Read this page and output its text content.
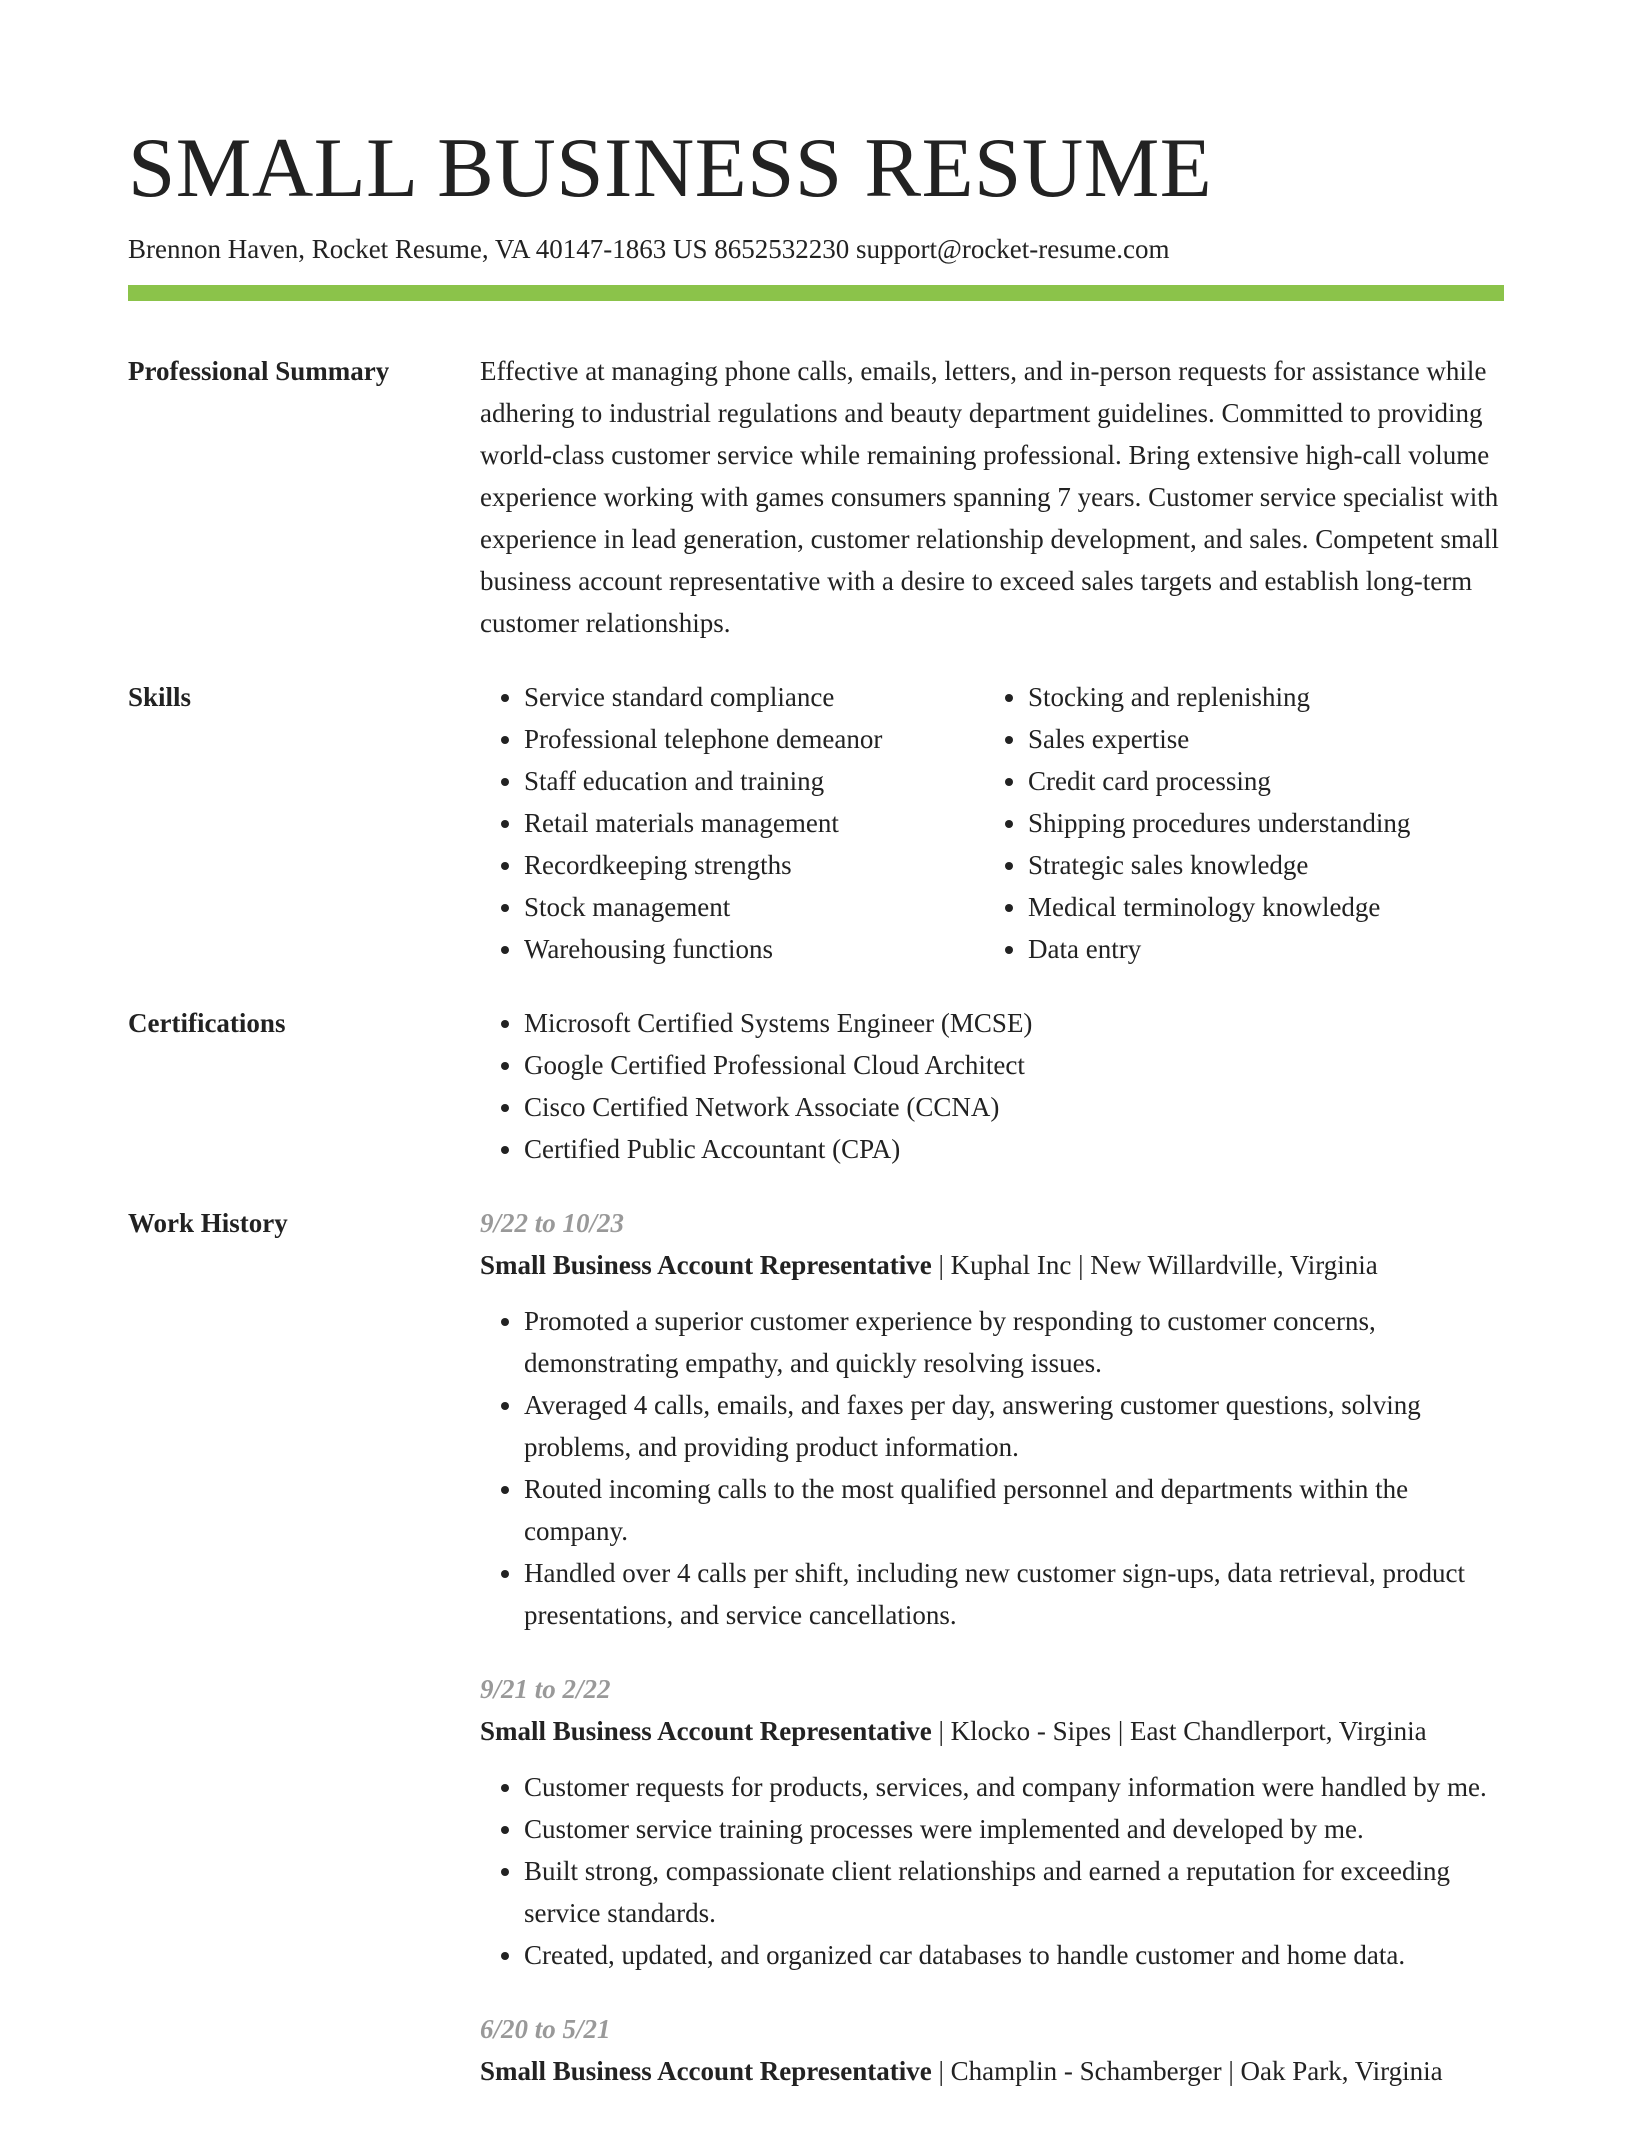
SMALL BUSINESS RESUME
Brennon Haven, Rocket Resume, VA 40147-1863 US 8652532230 support@rocket-resume.com
Professional Summary	Effective at managing phone calls, emails, letters, and in-person requests for assistance while adhering to industrial regulations and beauty department guidelines. Committed to providing world-class customer service while remaining professional. Bring extensive high-call volume experience working with games consumers spanning 7 years. Customer service specialist with experience in lead generation, customer relationship development, and sales. Competent small business account representative with a desire to exceed sales targets and establish long-term customer relationships.

Skills	• Service standard compliance
• Professional telephone demeanor
• Staff education and training
• Retail materials management
• Recordkeeping strengths
• Stock management
• Warehousing functions
• Stocking and replenishing
• Sales expertise
• Credit card processing
• Shipping procedures understanding
• Strategic sales knowledge
• Medical terminology knowledge
• Data entry
Certifications	• Microsoft Certified Systems Engineer (MCSE)
• Google Certified Professional Cloud Architect
• Cisco Certified Network Associate (CCNA)
• Certified Public Accountant (CPA)
Work History	9/22 to 10/23
Small Business Account Representative | Kuphal Inc | New Willardville, Virginia
• Promoted a superior customer experience by responding to customer concerns, demonstrating empathy, and quickly resolving issues.
• Averaged 4 calls, emails, and faxes per day, answering customer questions, solving problems, and providing product information.
• Routed incoming calls to the most qualified personnel and departments within the company.
• Handled over 4 calls per shift, including new customer sign-ups, data retrieval, product presentations, and service cancellations.
9/21 to 2/22
Small Business Account Representative | Klocko - Sipes | East Chandlerport, Virginia
• Customer requests for products, services, and company information were handled by me.
• Customer service training processes were implemented and developed by me.
• Built strong, compassionate client relationships and earned a reputation for exceeding service standards.
• Created, updated, and organized car databases to handle customer and home data.
6/20 to 5/21
Small Business Account Representative | Champlin - Schamberger | Oak Park, Virginia
